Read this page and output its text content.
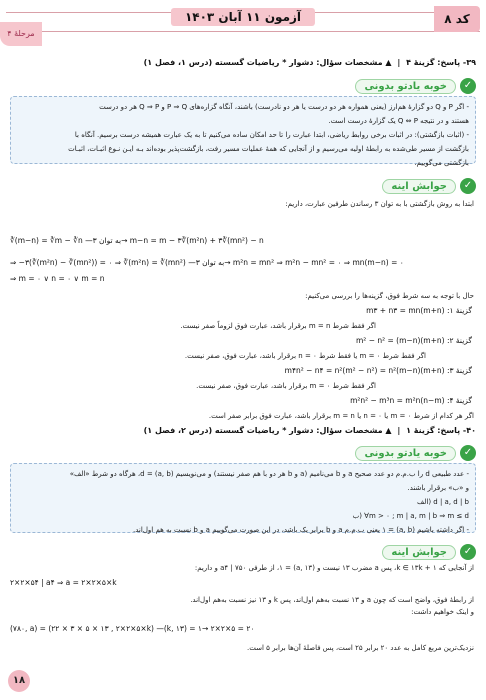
کد ۸
آزمون ۱۱ آبان ۱۴۰۳
مرحلهٔ ۴
۳۹- پاسخ: گزینهٔ ۴ | ▲ مشخصات سؤال: دشوار * ریاضیات گسسته (درس ۱، فصل ۱)
✓
خوبه یادتو بدونی

- اگر P و Q دو گزارهٔ هم‌ارز (یعنی همواره هر دو درست یا هر دو نادرست) باشند، آنگاه گزاره‌های P ⇒ Q و Q ⇒ P هر دو درست

هستند و در نتیجه Q ⇔ P یک گزارهٔ درست است.

- (اثبات بازگشتی): در اثبات برخی روابط ریاضی، ابتدا عبارت را تا حد امکان ساده می‌کنیم تا به یک عبارت همیشه درست برسیم. آنگاه با

بازگشت از مسیر طی‌شده به رابطهٔ اولیه می‌رسیم و از آنجایی که همهٔ عملیات مسیر رفت، بازگشت‌پذیر بوده‌اند بـه ایـن نـوع اثبـات، اثبـات

بازگشتی می‌گوییم.

✓
جوابش اینه
ابتدا به روش بازگشتی با به توان ۳ رساندن طرفین عبارت، داریم:
∛(m−n) = ∛m − ∛n —به توان ۳→ m−n = m − ۳∛(m²n) + ۳∛(mn²) − n
⇒ −۳(∛(m²n) − ∛(mn²)) = ۰ ⇒ ∛(m²n) = ∛(mn²) —به توان ۳→ m²n = mn² ⇒ m²n − mn² = ۰ ⇒ mn(m−n) = ۰
⇒ m = ۰ ∨ n = ۰ ∨ m = n
حال با توجه به سه شرط فوق، گزینه‌ها را بررسی می‌کنیم:
گزینهٔ ۱: m۳ + n۳ = mn(m+n)
اگر فقط شرط m = n برقرار باشد، عبارت فوق لزوماً صفر نیست.
گزینهٔ ۲: m² − n² = (m−n)(m+n)
اگر فقط شرط m = ۰ یا فقط شرط n = ۰ برقرار باشد، عبارت فوق، صفر نیست.
گزینهٔ ۳: m۴n² − n۴ = n²(m² − n²) = n²(m−n)(m+n)
اگر فقط شرط m = ۰ برقرار باشد، عبارت فوق، صفر نیست.
گزینهٔ ۴: m²n² − m³n = m²n(n−m)
اگر هر کدام از شرط m = ۰ یا n = ۰ یا m = n برقرار باشد، عبارت فوق برابر صفر است.
۴۰- پاسخ: گزینهٔ ۱ | ▲ مشخصات سؤال: دشوار * ریاضیات گسسته (درس ۲، فصل ۱)
✓
خوبه یادتو بدونی

- عدد طبیعی d را ب.م.م دو عدد صحیح a و b می‌نامیم (a و b هر دو با هم صفر نیستند) و می‌نویسیم (a, b) = d، هرگاه دو شرط «الف»

و «ب» برقرار باشند.

الف) d | a, d | b

ب) ∀m > ۰ ; m | a, m | b ⇒ m ≤ d

- اگر داشته باشیم (a, b) = ۱ یعنی ب.م.م a و b برابر یک باشد، در این صورت می‌گوییم a و b نسبت به هم اول‌اند.

✓
جوابش اینه
از آنجایی که k ∈ ۱۳k + ۱، پس a مضرب ۱۳ نیست و (a, ۱۳) = ۱، از طرفی ۷۵۰ | a۴ و داریم:
۲×۲×۵۴ | a۴ ⇒ a = ۲×۲×۵×k
از رابطهٔ فوق، واضح است که چون a و ۱۳ نسبت به‌هم اول‌اند، پس k و ۱۳ نیز نسبت به‌هم اول‌اند.
و اینک خواهیم داشت:
(۷۸۰, a) = (۲۲ × ۳ × ۵ × ۱۳ , ۲×۲×۵×k) —(k, ۱۳) = ۱→ ۲×۲×۵ = ۲۰
نزدیک‌ترین مربع کامل به عدد ۲۰ برابر ۲۵ است، پس فاصلهٔ آن‌ها برابر ۵ است.
۱۸
